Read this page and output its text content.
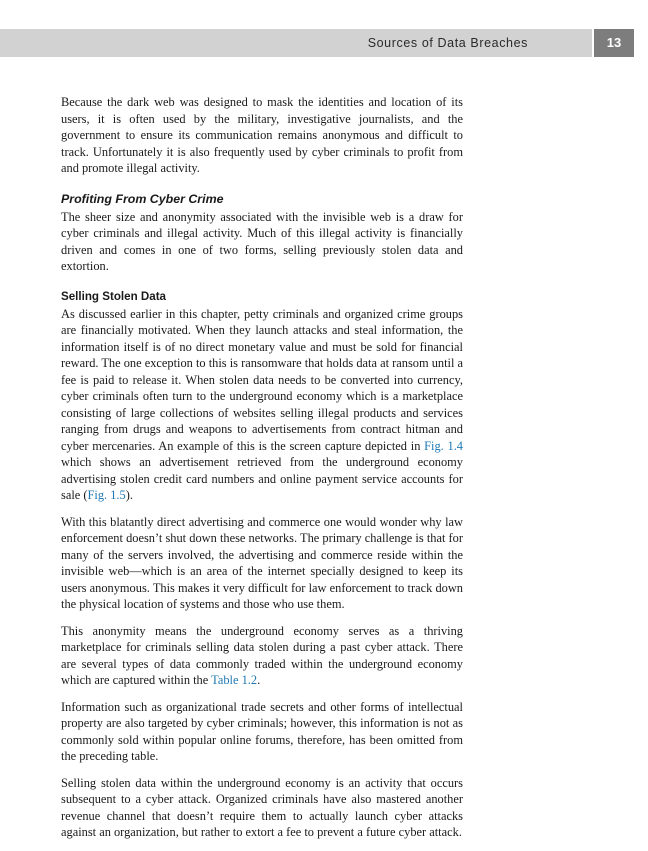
Sources of Data Breaches	13

Because the dark web was designed to mask the identities and location of its users, it is often used by the military, investigative journalists, and the government to ensure its communication remains anonymous and difficult to track. Unfortunately it is also frequently used by cyber criminals to profit from and promote illegal activity.

Profiting From Cyber Crime

The sheer size and anonymity associated with the invisible web is a draw for cyber criminals and illegal activity. Much of this illegal activity is financially driven and comes in one of two forms, selling previously stolen data and extortion.

Selling Stolen Data

As discussed earlier in this chapter, petty criminals and organized crime groups are financially motivated. When they launch attacks and steal information, the information itself is of no direct monetary value and must be sold for financial reward. The one exception to this is ransomware that holds data at ransom until a fee is paid to release it. When stolen data needs to be converted into currency, cyber criminals often turn to the underground economy which is a marketplace consisting of large collections of websites selling illegal products and services ranging from drugs and weapons to advertisements from contract hitman and cyber mercenaries. An example of this is the screen capture depicted in Fig. 1.4 which shows an advertisement retrieved from the underground economy advertising stolen credit card numbers and online payment service accounts for sale (Fig. 1.5).

With this blatantly direct advertising and commerce one would wonder why law enforcement doesn’t shut down these networks. The primary challenge is that for many of the servers involved, the advertising and commerce reside within the invisible web—which is an area of the internet specially designed to keep its users anonymous. This makes it very difficult for law enforcement to track down the physical location of systems and those who use them.

This anonymity means the underground economy serves as a thriving marketplace for criminals selling data stolen during a past cyber attack. There are several types of data commonly traded within the underground economy which are captured within the Table 1.2.

Information such as organizational trade secrets and other forms of intellectual property are also targeted by cyber criminals; however, this information is not as commonly sold within popular online forums, therefore, has been omitted from the preceding table.

Selling stolen data within the underground economy is an activity that occurs subsequent to a cyber attack. Organized criminals have also mastered another revenue channel that doesn’t require them to actually launch cyber attacks against an organization, but rather to extort a fee to prevent a future cyber attack.
